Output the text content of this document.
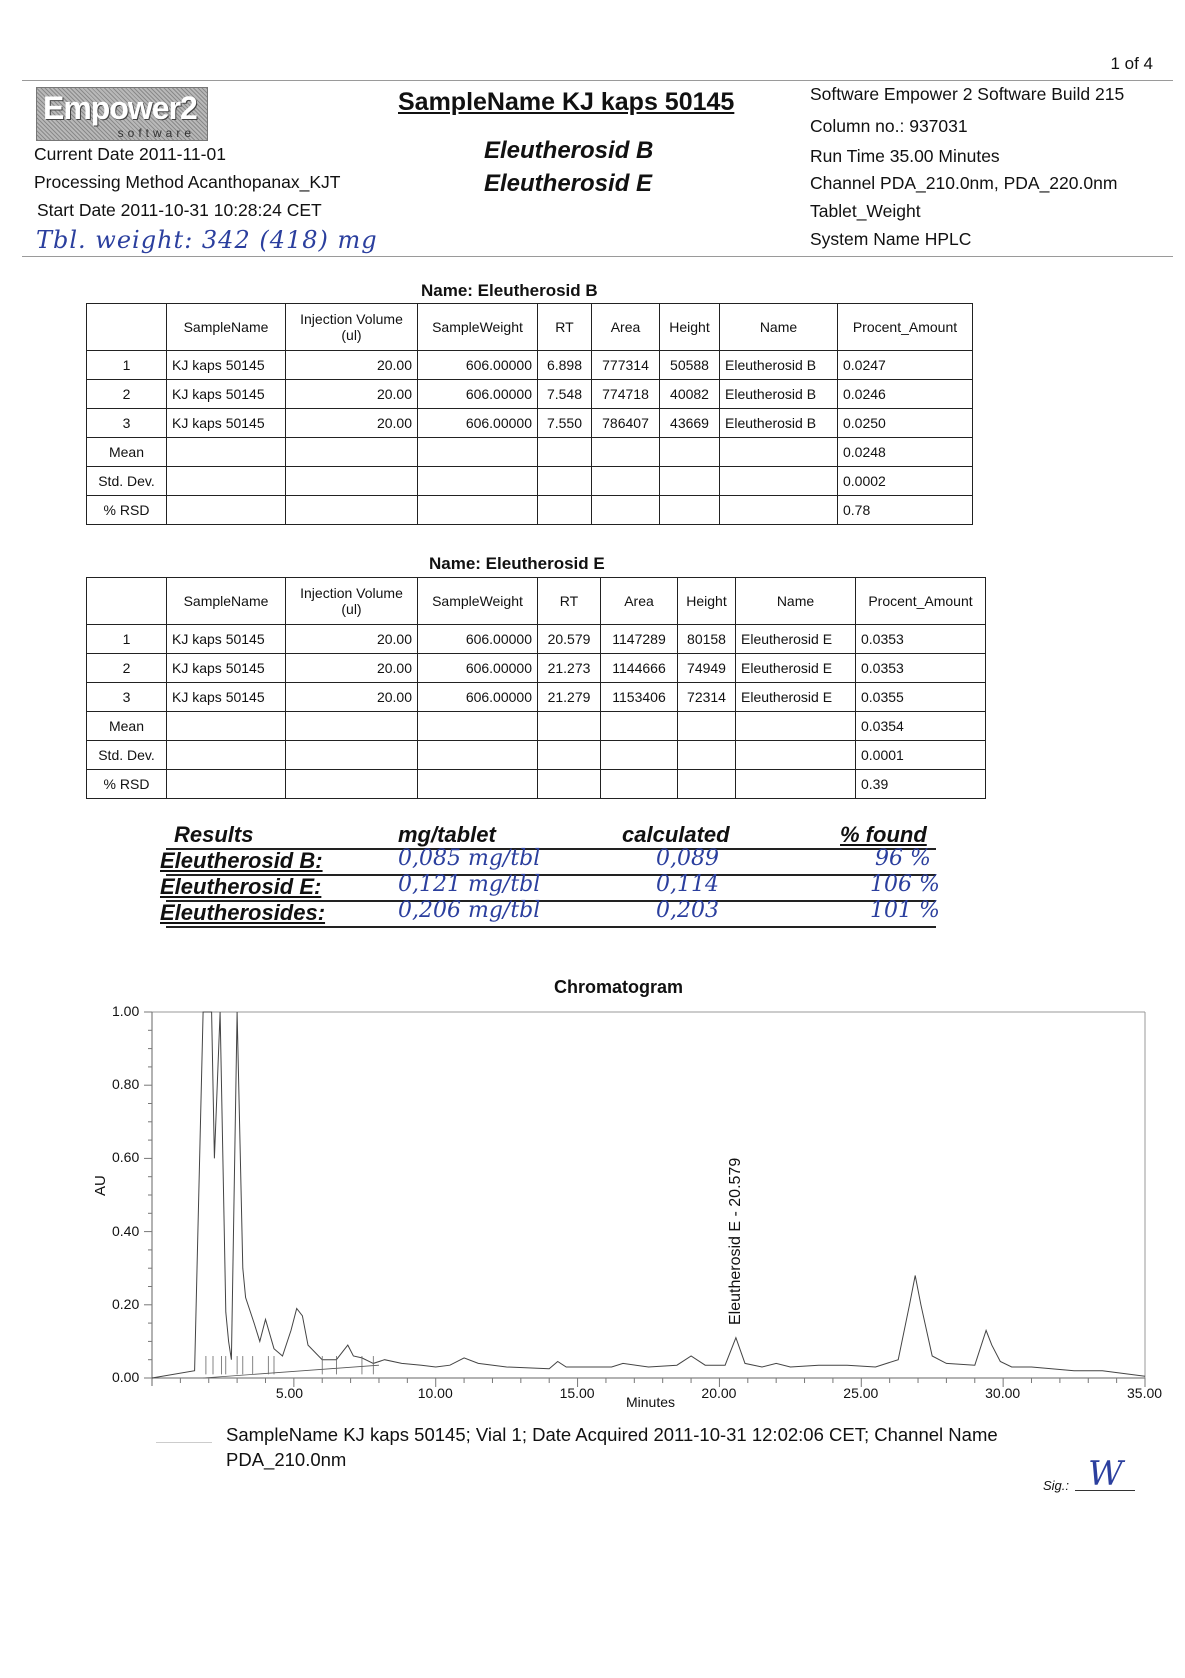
1 of 4
Empower2
software
Current Date 2011-11-01
Processing Method Acanthopanax_KJT
Start Date 2011-10-31 10:28:24 CET
Tbl. weight: 342 (418) mg
SampleName KJ kaps 50145
Eleutherosid B
Eleutherosid E
Software Empower 2 Software Build 215
Column no.: 937031
Run Time 35.00 Minutes
Channel PDA_210.0nm, PDA_220.0nm
Tablet_Weight
System Name HPLC
Name: Eleutherosid B
	SampleName	Injection Volume (ul)	SampleWeight	RT	Area	Height	Name	Procent_Amount
1	KJ kaps 50145	20.00	606.00000	6.898	777314	50588	Eleutherosid B	0.0247
2	KJ kaps 50145	20.00	606.00000	7.548	774718	40082	Eleutherosid B	0.0246
3	KJ kaps 50145	20.00	606.00000	7.550	786407	43669	Eleutherosid B	0.0250
Mean								0.0248
Std. Dev.								0.0002
% RSD								0.78
Name: Eleutherosid E
	SampleName	Injection Volume (ul)	SampleWeight	RT	Area	Height	Name	Procent_Amount
1	KJ kaps 50145	20.00	606.00000	20.579	1147289	80158	Eleutherosid E	0.0353
2	KJ kaps 50145	20.00	606.00000	21.273	1144666	74949	Eleutherosid E	0.0353
3	KJ kaps 50145	20.00	606.00000	21.279	1153406	72314	Eleutherosid E	0.0355
Mean								0.0354
Std. Dev.								0.0001
% RSD								0.39
Results	mg/tablet	calculated	% found
Eleutherosid B:	0,085 mg/tbl	0,089	96 %
Eleutherosid E:	0,121 mg/tbl	0,114	106 %
Eleutherosides:	0,206 mg/tbl	0,203	101 %
Chromatogram
AU
Minutes
Eleutherosid E - 20.579
0.00
0.20
0.40
0.60
0.80
1.00
5.00	10.00	15.00	20.00	25.00	30.00	35.00
SampleName KJ kaps 50145; Vial 1; Date Acquired 2011-10-31 12:02:06 CET; Channel Name
PDA_210.0nm
Sig.: W
